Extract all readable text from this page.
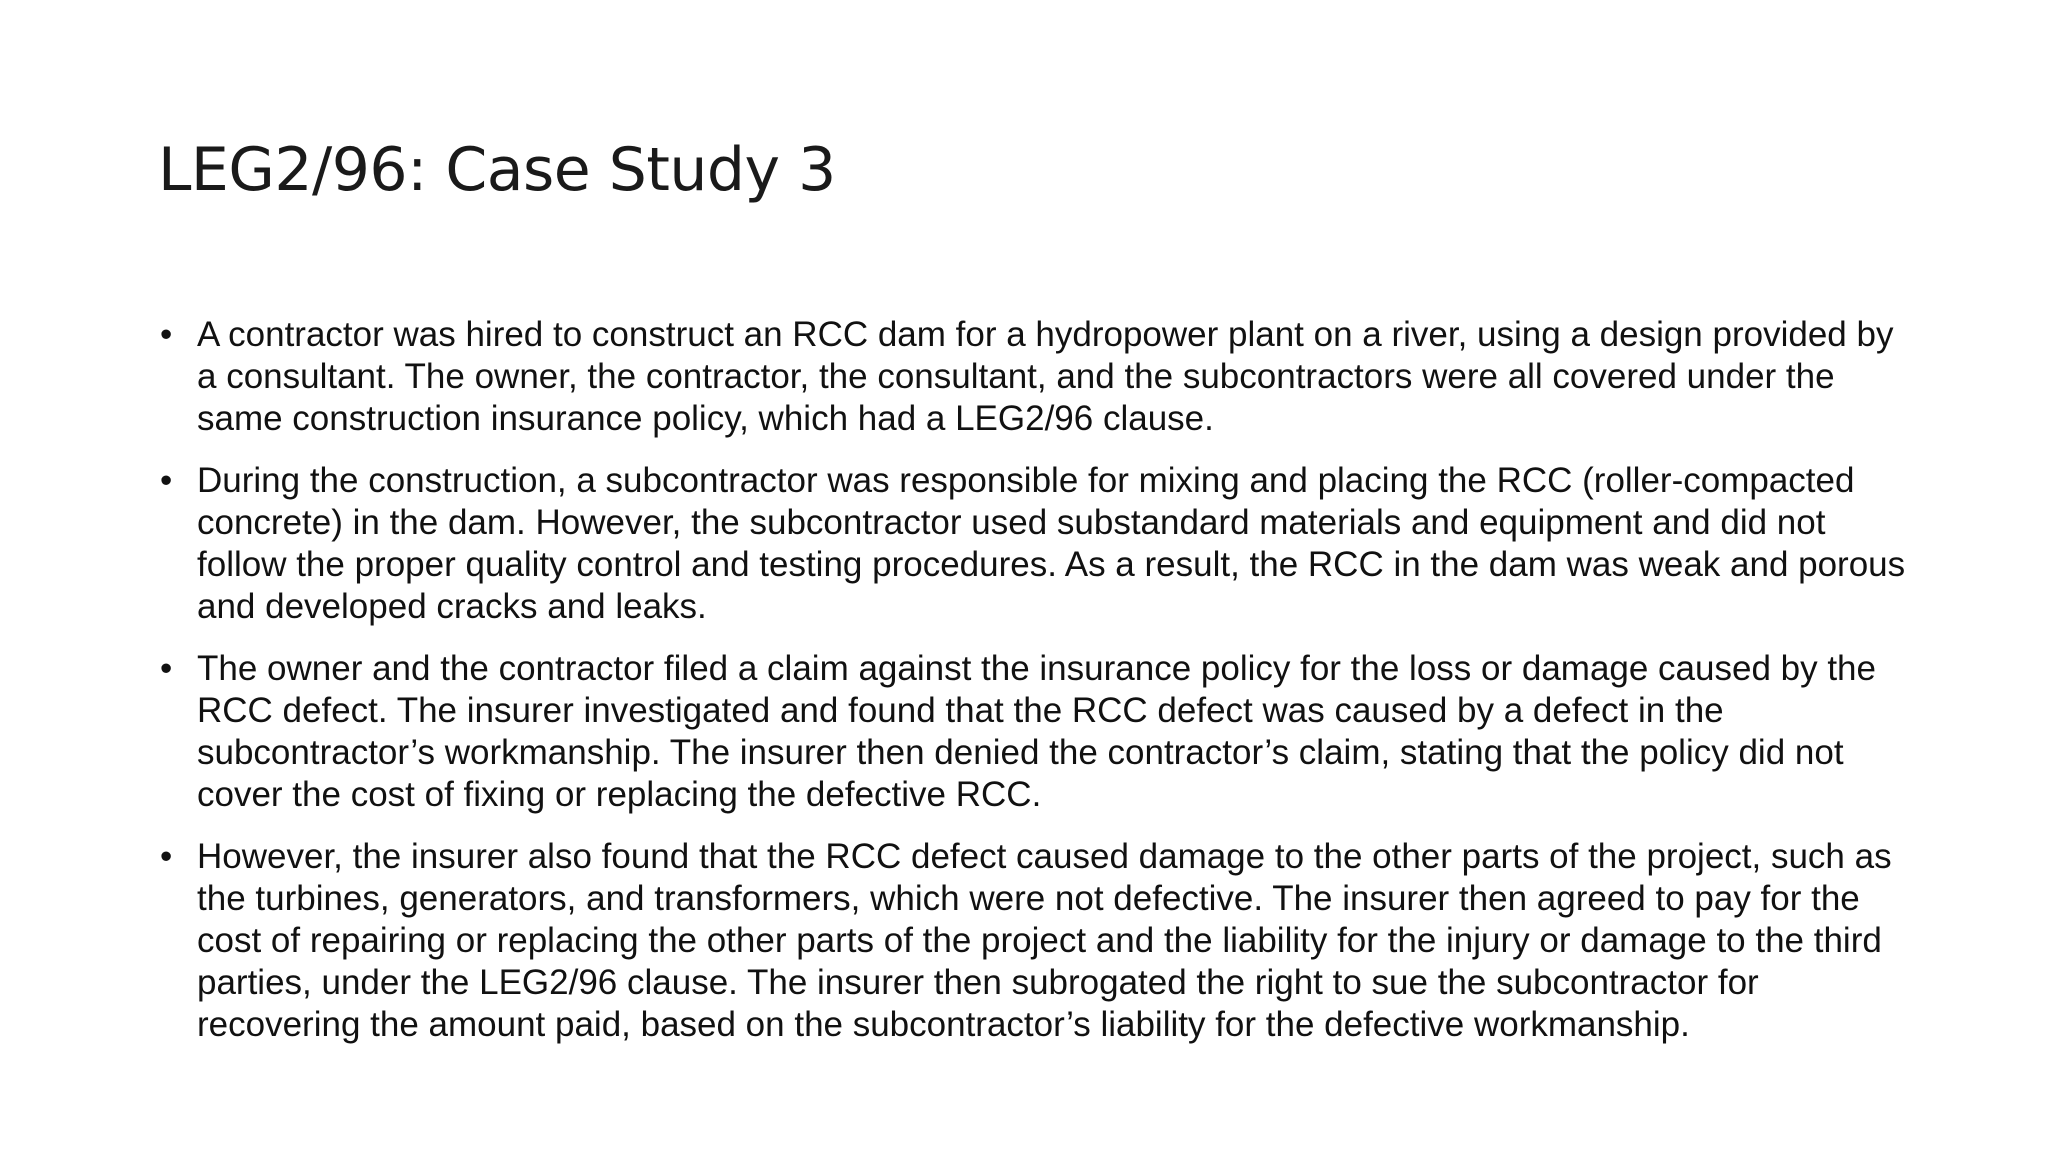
LEG2/96: Case Study 3
• A contractor was hired to construct an RCC dam for a hydropower plant on a river, using a design provided by a consultant. The owner, the contractor, the consultant, and the subcontractors were all covered under the same construction insurance policy, which had a LEG2/96 clause.
• During the construction, a subcontractor was responsible for mixing and placing the RCC (roller-compacted concrete) in the dam. However, the subcontractor used substandard materials and equipment and did not follow the proper quality control and testing procedures. As a result, the RCC in the dam was weak and porous and developed cracks and leaks.
• The owner and the contractor filed a claim against the insurance policy for the loss or damage caused by the RCC defect. The insurer investigated and found that the RCC defect was caused by a defect in the subcontractor’s workmanship. The insurer then denied the contractor’s claim, stating that the policy did not cover the cost of fixing or replacing the defective RCC.
• However, the insurer also found that the RCC defect caused damage to the other parts of the project, such as the turbines, generators, and transformers, which were not defective. The insurer then agreed to pay for the cost of repairing or replacing the other parts of the project and the liability for the injury or damage to the third parties, under the LEG2/96 clause. The insurer then subrogated the right to sue the subcontractor for recovering the amount paid, based on the subcontractor’s liability for the defective workmanship.
